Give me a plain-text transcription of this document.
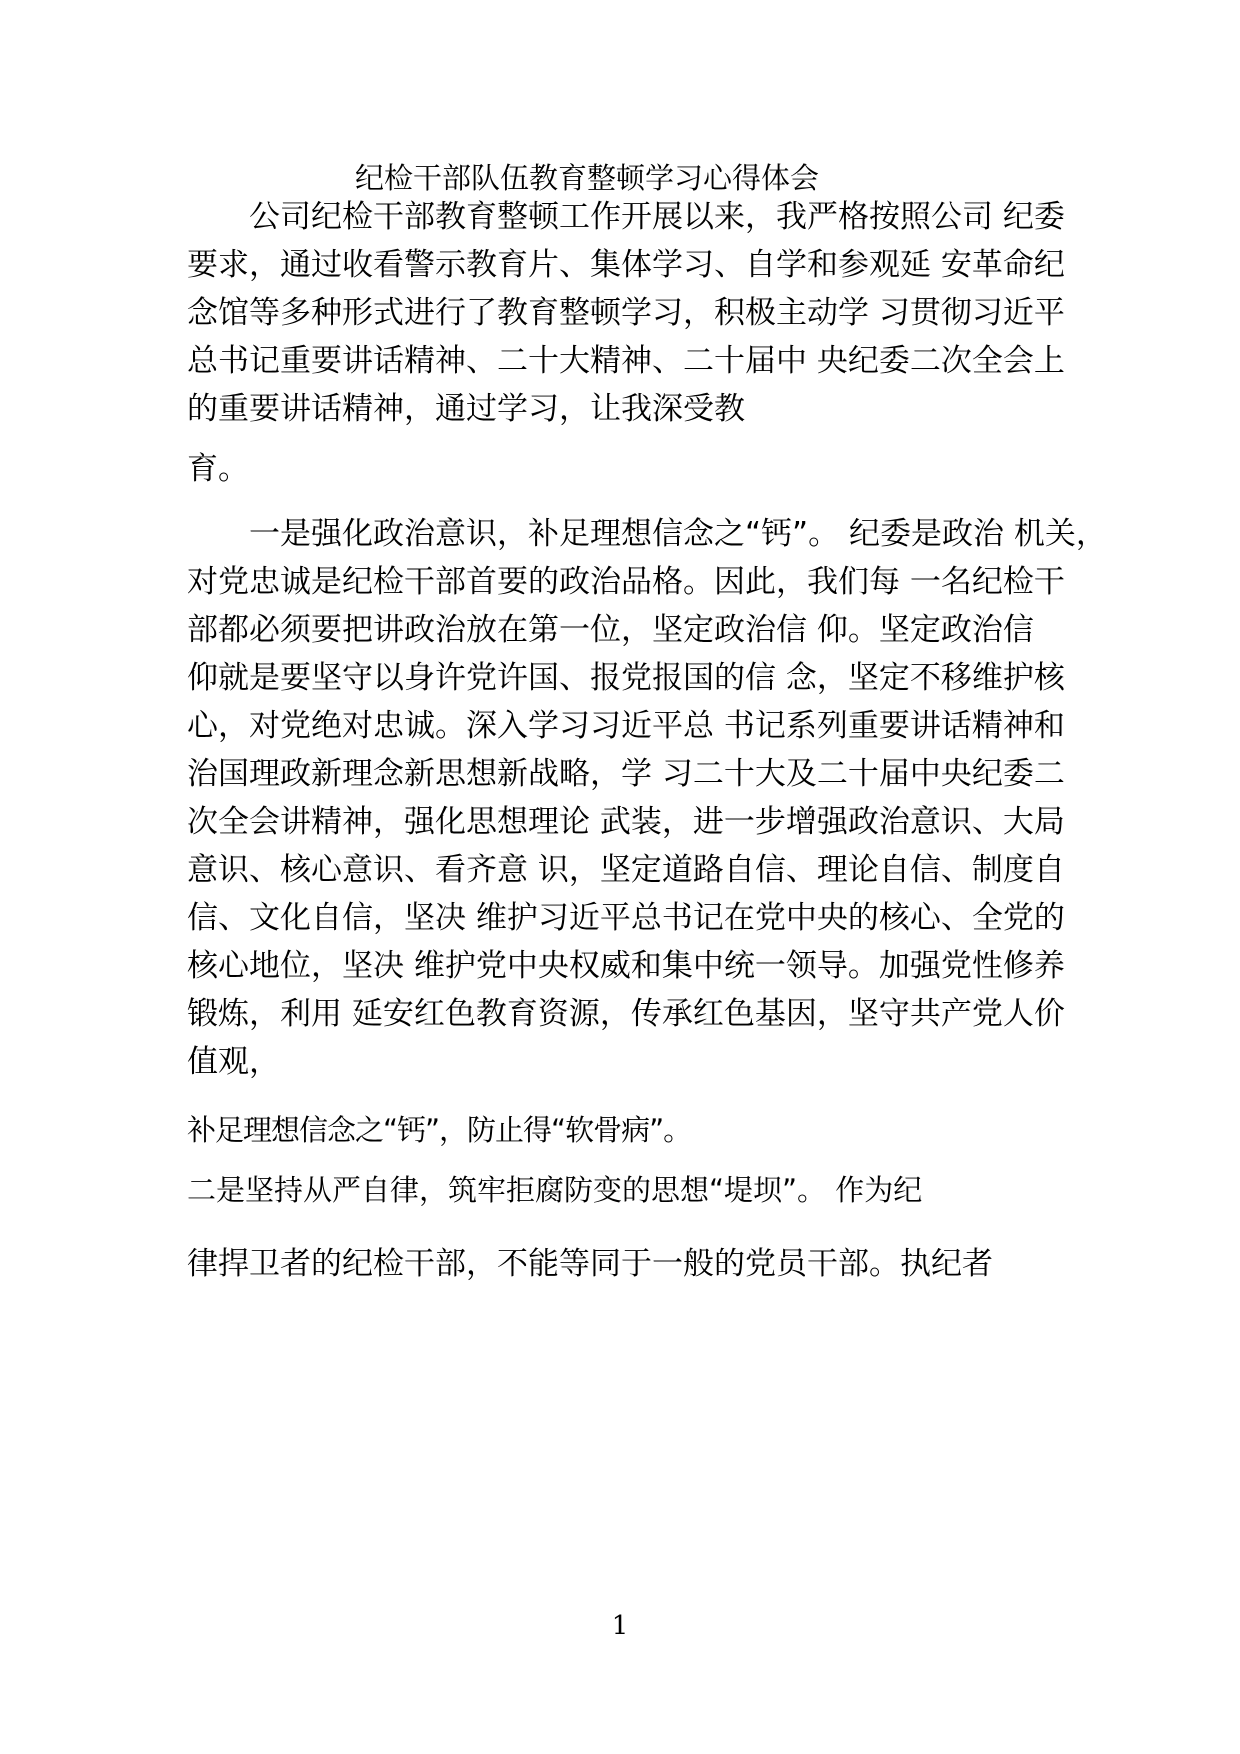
纪检干部队伍教育整顿学习心得体会
　　公司纪检干部教育整顿工作开展以来，我严格按照公司 纪委
要求，通过收看警示教育片、集体学习、自学和参观延 安革命纪
念馆等多种形式进行了教育整顿学习，积极主动学 习贯彻习近平
总书记重要讲话精神、二十大精神、二十届中 央纪委二次全会上
的重要讲话精神，通过学习，让我深受教
育。
　　一是强化政治意识，补足理想信念之“钙”。 纪委是政治 机关，
对党忠诚是纪检干部首要的政治品格。因此，我们每 一名纪检干
部都必须要把讲政治放在第一位，坚定政治信 仰。坚定政治信
仰就是要坚守以身许党许国、报党报国的信 念，坚定不移维护核
心，对党绝对忠诚。深入学习习近平总 书记系列重要讲话精神和
治国理政新理念新思想新战略，学 习二十大及二十届中央纪委二
次全会讲精神，强化思想理论 武装，进一步增强政治意识、大局
意识、核心意识、看齐意 识，坚定道路自信、理论自信、制度自
信、文化自信，坚决 维护习近平总书记在党中央的核心、全党的
核心地位，坚决 维护党中央权威和集中统一领导。加强党性修养
锻炼，利用 延安红色教育资源，传承红色基因，坚守共产党人价
值观，
补足理想信念之“钙”，防止得“软骨病”。
二是坚持从严自律，筑牢拒腐防变的思想“堤坝”。 作为纪
律捍卫者的纪检干部，不能等同于一般的党员干部。执纪者
1
